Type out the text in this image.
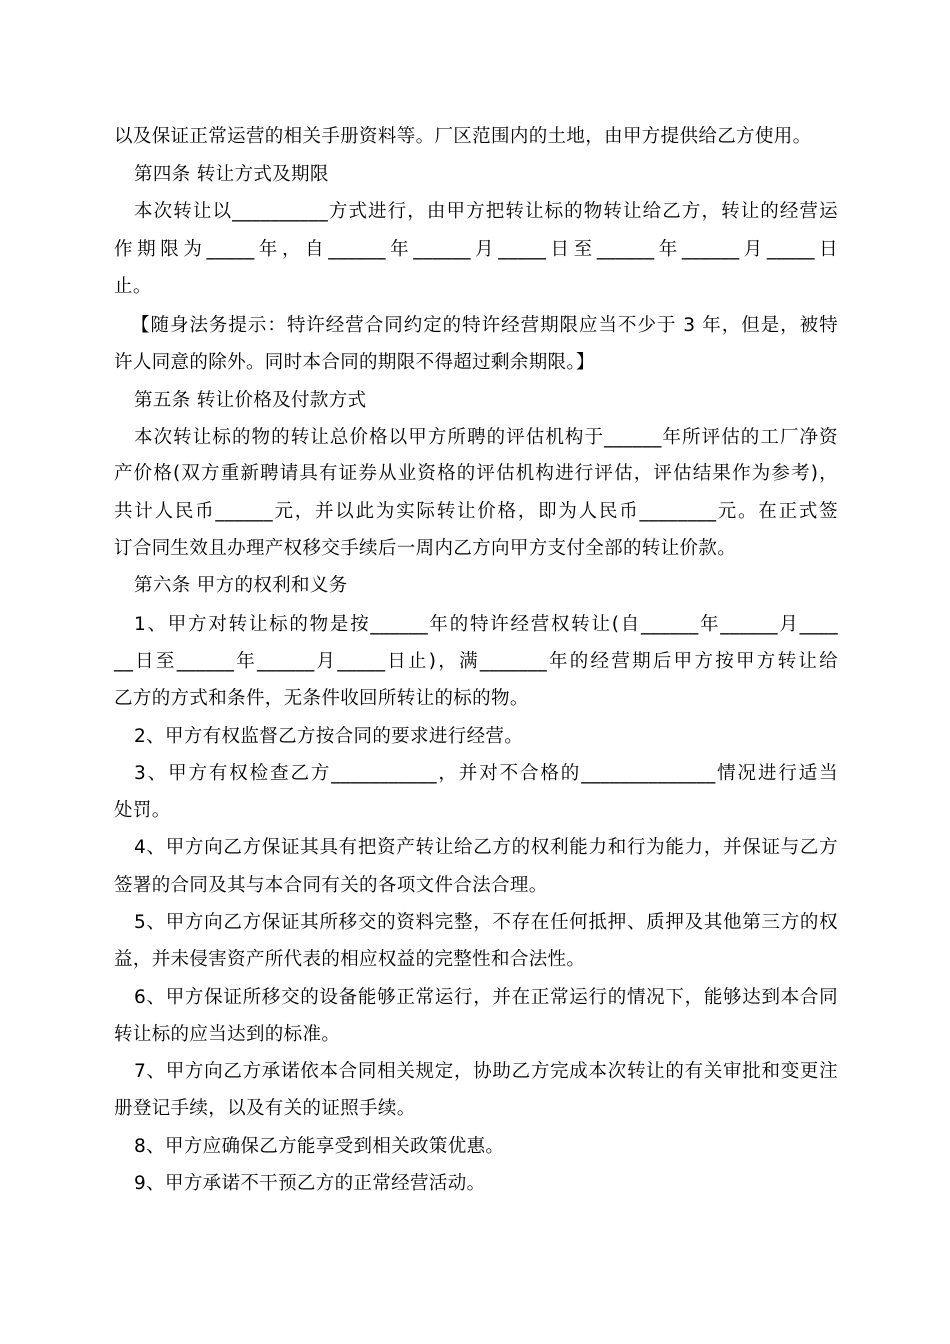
以及保证正常运营的相关手册资料等。厂区范围内的土地，由甲方提供给乙方使用。
第四条 转让方式及期限
本次转让以__________方式进行，由甲方把转让标的物转让给乙方，转让的经营运
作期限为_____年，自______年______月_____日至______年______月_____日
止。
【随身法务提示：特许经营合同约定的特许经营期限应当不少于 3 年，但是，被特
许人同意的除外。同时本合同的期限不得超过剩余期限。】
第五条 转让价格及付款方式
本次转让标的物的转让总价格以甲方所聘的评估机构于______年所评估的工厂净资
产价格(双方重新聘请具有证券从业资格的评估机构进行评估，评估结果作为参考)，
共计人民币______元，并以此为实际转让价格，即为人民币________元。在正式签
订合同生效且办理产权移交手续后一周内乙方向甲方支付全部的转让价款。
第六条 甲方的权利和义务
1、甲方对转让标的物是按______年的特许经营权转让(自______年______月____
__日至______年______月_____日止)，满_______年的经营期后甲方按甲方转让给
乙方的方式和条件，无条件收回所转让的标的物。
2、甲方有权监督乙方按合同的要求进行经营。
3、甲方有权检查乙方___________，并对不合格的______________情况进行适当
处罚。
4、甲方向乙方保证其具有把资产转让给乙方的权利能力和行为能力，并保证与乙方
签署的合同及其与本合同有关的各项文件合法合理。
5、甲方向乙方保证其所移交的资料完整，不存在任何抵押、质押及其他第三方的权
益，并未侵害资产所代表的相应权益的完整性和合法性。
6、甲方保证所移交的设备能够正常运行，并在正常运行的情况下，能够达到本合同
转让标的应当达到的标准。
7、甲方向乙方承诺依本合同相关规定，协助乙方完成本次转让的有关审批和变更注
册登记手续，以及有关的证照手续。
8、甲方应确保乙方能享受到相关政策优惠。
9、甲方承诺不干预乙方的正常经营活动。
